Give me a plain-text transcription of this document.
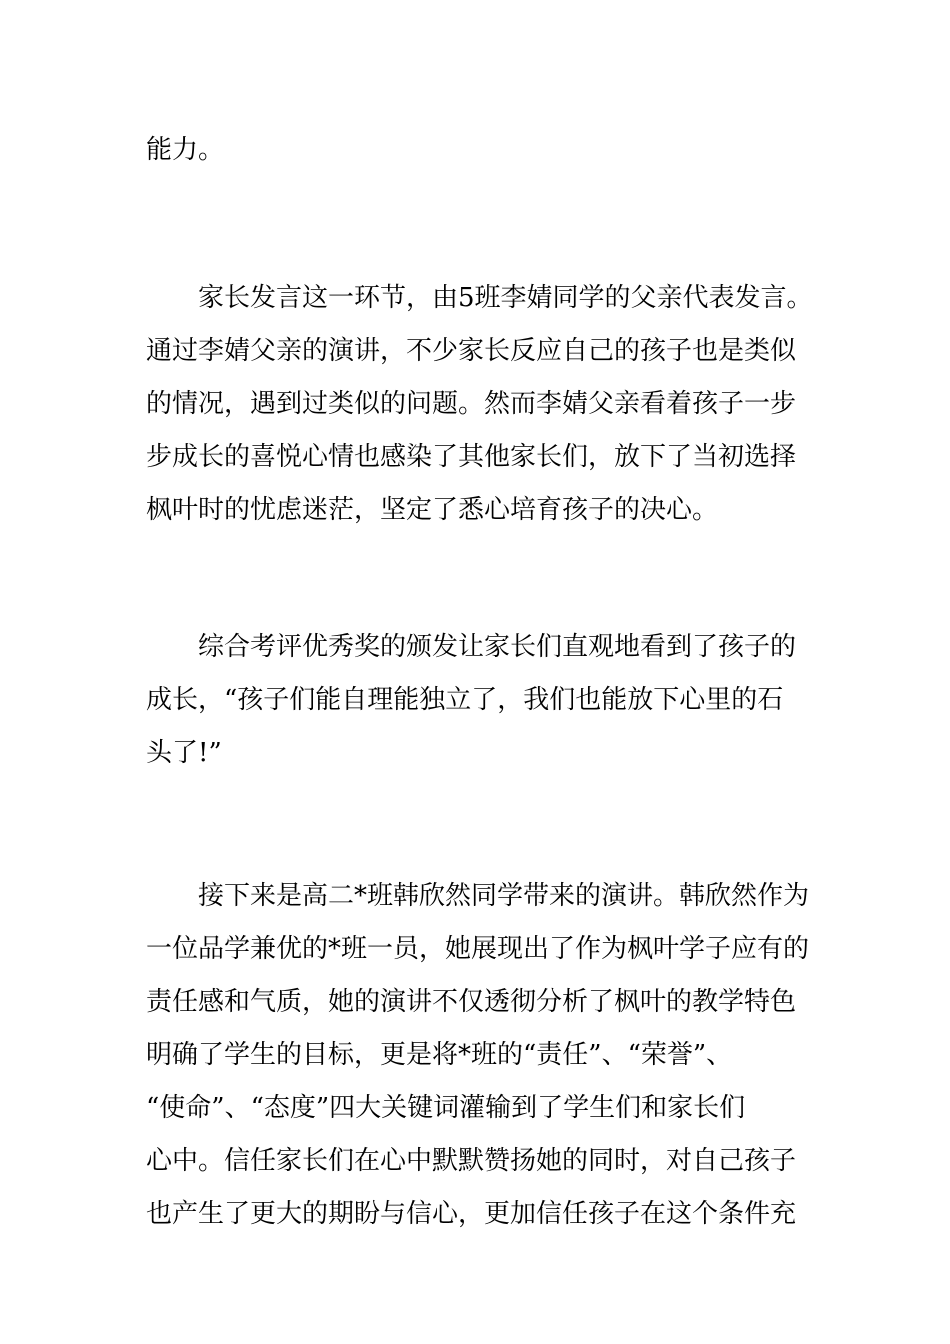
能力。
家长发言这一环节，由5班李婧同学的父亲代表发言。
通过李婧父亲的演讲，不少家长反应自己的孩子也是类似
的情况，遇到过类似的问题。然而李婧父亲看着孩子一步
步成长的喜悦心情也感染了其他家长们，放下了当初选择
枫叶时的忧虑迷茫，坚定了悉心培育孩子的决心。
综合考评优秀奖的颁发让家长们直观地看到了孩子的
成长，“孩子们能自理能独立了，我们也能放下心里的石
头了!”
接下来是高二*班韩欣然同学带来的演讲。韩欣然作为
一位品学兼优的*班一员，她展现出了作为枫叶学子应有的
责任感和气质，她的演讲不仅透彻分析了枫叶的教学特色
明确了学生的目标，更是将*班的“责任”、“荣誉”、
“使命”、“态度”四大关键词灌输到了学生们和家长们
心中。信任家长们在心中默默赞扬她的同时，对自己孩子
也产生了更大的期盼与信心，更加信任孩子在这个条件充
